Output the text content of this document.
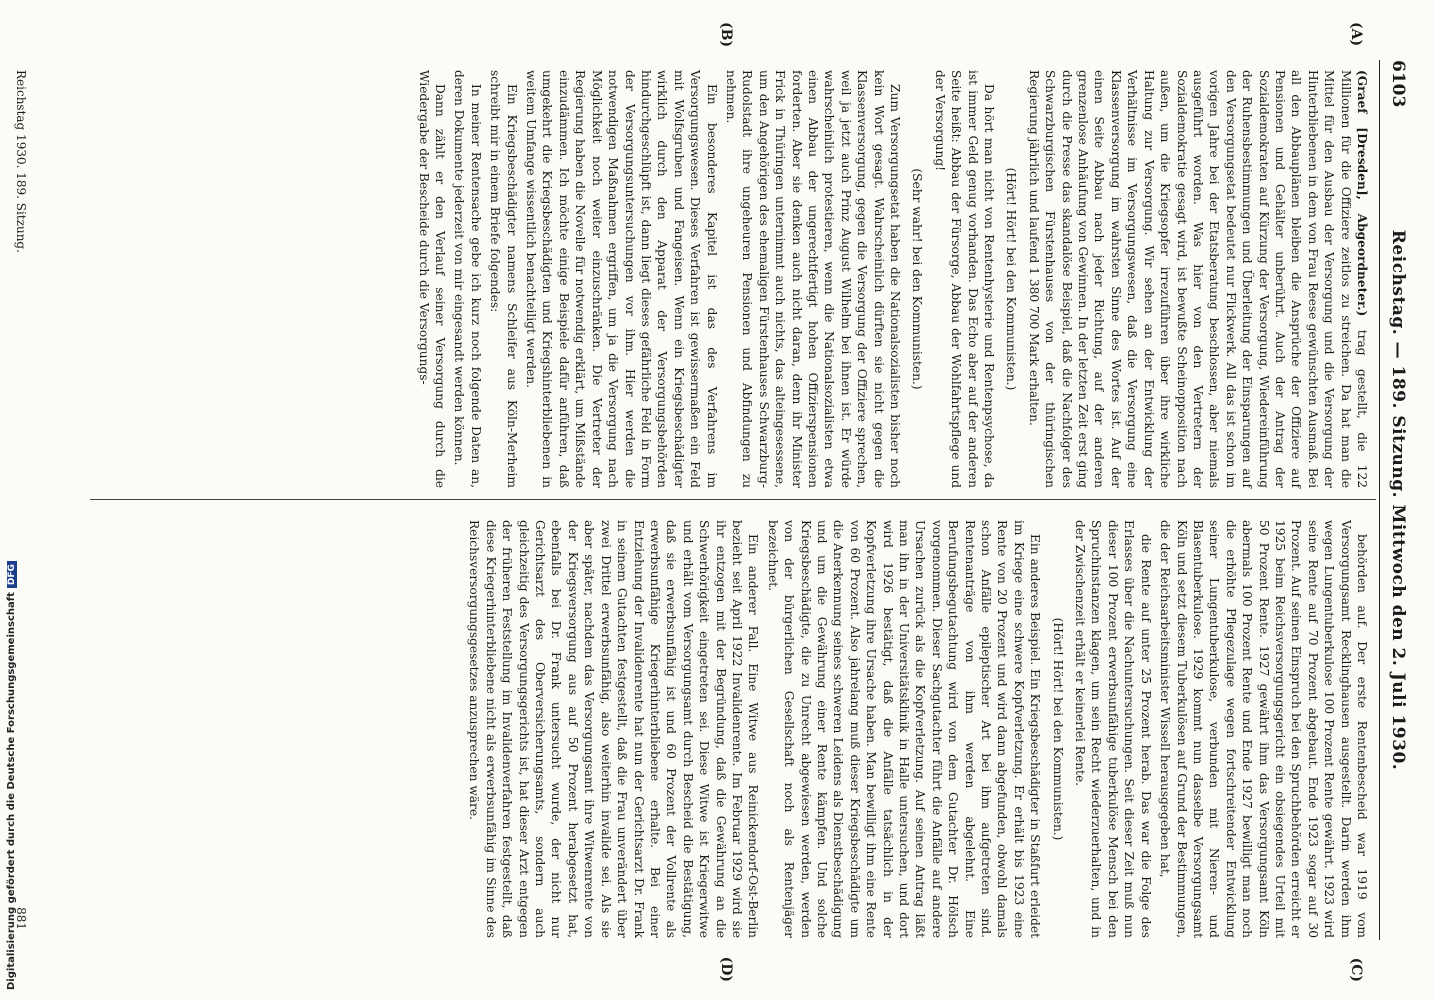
6103
Reichstag. — 189. Sitzung. Mittwoch den 2. Juli 1930.
(A)
(B)
(C)
(D)

(Graef [Dresden], Abgeordneter.) trag gestellt, die 122 Millionen für die Offiziere zeitlos zu streichen. Da hat man die Mittel für den Ausbau der Versorgung und die Versorgung der Hinterbliebenen in dem von Frau Reese gewünschten Ausmaß. Bei all den Abbauplänen bleiben die Ansprüche der Offiziere auf Pensionen und Gehälter unberührt. Auch der Antrag der Sozialdemokraten auf Kürzung der Versorgung, Wiedereinführung der Ruhensbestimmungen und Überleitung der Einsparungen auf den Versorgungsetat bedeutet nur Flickwerk. All das ist schon im vorigen Jahre bei der Etatsberatung beschlossen, aber niemals ausgeführt worden. Was hier von den Vertretern der Sozialdemokratie gesagt wird, ist bewußte Scheinopposition nach außen, um die Kriegsopfer irrezuführen über ihre wirkliche Haltung zur Versorgung. Wir sehen an der Entwicklung der Verhältnisse im Versorgungswesen, daß die Versorgung eine Klassenversorgung im wahrsten Sinne des Wortes ist. Auf der einen Seite Abbau nach jeder Richtung, auf der anderen grenzenlose Anhäufung von Gewinnen. In der letzten Zeit erst ging durch die Presse das skandalöse Beispiel, daß die Nachfolger des Schwarzburgischen Fürstenhauses von der thüringischen Regierung jährlich und laufend 1 380 700 Mark erhalten.

(Hört! Hört! bei den Kommunisten.)

Da hört man nicht von Rentenhysterie und Rentenpsychose, da ist immer Geld genug vorhanden. Das Echo aber auf der anderen Seite heißt: Abbau der Fürsorge, Abbau der Wohlfahrtspflege und der Versorgung!

(Sehr wahr! bei den Kommunisten.)

Zum Versorgungsetat haben die Nationalsozialisten bisher noch kein Wort gesagt. Wahrscheinlich dürften sie nicht gegen die Klassenversorgung, gegen die Versorgung der Offiziere sprechen, weil ja jetzt auch Prinz August Wilhelm bei ihnen ist. Er würde wahrscheinlich protestieren, wenn die Nationalsozialisten etwa einen Abbau der ungerechtfertigt hohen Offizierspensionen forderten. Aber sie denken auch nicht daran, denn ihr Minister Frick in Thüringen unternimmt auch nichts, das alteingesessene, um den Angehörigen des ehemaligen Fürstenhauses Schwarzburg-Rudolstadt ihre ungeheuren Pensionen und Abfindungen zu nehmen.

Ein besonderes Kapitel ist das des Verfahrens im Versorgungswesen. Dieses Verfahren ist gewissermaßen ein Feld mit Wolfsgruben und Fangeisen. Wenn ein Kriegsbeschädigter wirklich durch den Apparat der Versorgungsbehörden hindurchgeschlüpft ist, dann liegt dieses gefährliche Feld in Form der Versorgungsuntersuchungen vor ihm. Hier werden die notwendigen Maßnahmen ergriffen, um ja die Versorgung nach Möglichkeit noch weiter einzuschränken. Die Vertreter der Regierung haben die Novelle für notwendig erklärt, um Mißstände einzudämmen. Ich möchte einige Beispiele dafür anführen, daß umgekehrt die Kriegsbeschädigten und Kriegshinterbliebenen in weitem Umfange wissentlich benachteiligt werden.

Ein Kriegsbeschädigter namens Schleifer aus Köln-Merheim schreibt mir in einem Briefe folgendes:

In meiner Rentensache gebe ich kurz noch folgende Daten an, deren Dokumente jederzeit von mir eingesandt werden können.

Dann zählt er den Verlauf seiner Versorgung durch die Wiedergabe der Bescheide durch die Versorgungs-

behörden auf. Der erste Rentenbescheid war 1919 vom Versorgungsamt Recklinghausen ausgestellt. Darin werden ihm wegen Lungentuberkulose 100 Prozent Rente gewährt. 1923 wird seine Rente auf 70 Prozent abgebaut. Ende 1923 sogar auf 30 Prozent. Auf seinen Einspruch bei den Spruchbehörden erreicht er 1925 beim Reichsversorgungsgericht ein obsiegendes Urteil mit 50 Prozent Rente. 1927 gewährt ihm das Versorgungsamt Köln abermals 100 Prozent Rente und Ende 1927 bewilligt man noch die erhöhte Pflegezulage wegen fortschreitender Entwicklung seiner Lungentuberkulose, verbunden mit Nieren- und Blasentuberkulose. 1929 kommt nun dasselbe Versorgungsamt Köln und setzt diesem Tuberkulösen auf Grund der Bestimmungen, die der Reichsarbeitsminister Wissell herausgegeben hat,

die Rente auf unter 25 Prozent herab. Das war die Folge des Erlasses über die Nachuntersuchungen. Seit dieser Zeit muß nun dieser 100 Prozent erwerbsunfähige tuberkulöse Mensch bei den Spruchinstanzen klagen, um sein Recht wiederzuerhalten, und in der Zwischenzeit erhält er keinerlei Rente.

(Hört! Hört! bei den Kommunisten.)

Ein anderes Beispiel. Ein Kriegsbeschädigter in Staßfurt erleidet im Kriege eine schwere Kopfverletzung. Er erhält bis 1923 eine Rente von 20 Prozent und wird dann abgefunden, obwohl damals schon Anfälle epileptischer Art bei ihm aufgetreten sind. Rentenanträge von ihm werden abgelehnt. Eine Berufungsbegutachtung wird von dem Gutachter Dr. Hölsch vorgenommen. Dieser Sachgutachter führt die Anfälle auf andere Ursachen zurück als die Kopfverletzung. Auf seinen Antrag läßt man ihn in der Universitätsklinik in Halle untersuchen, und dort wird 1926 bestätigt, daß die Anfälle tatsächlich in der Kopfverletzung ihre Ursache haben. Man bewilligt ihm eine Rente von 60 Prozent. Also jahrelang muß dieser Kriegsbeschädigte um die Anerkennung seines schweren Leidens als Dienstbeschädigung und um die Gewährung einer Rente kämpfen. Und solche Kriegsbeschädigte, die zu Unrecht abgewiesen werden, werden von der bürgerlichen Gesellschaft noch als Rentenjäger bezeichnet.

Ein anderer Fall. Eine Witwe aus Reinickendorf-Ost-Berlin bezieht seit April 1922 Invalidenrente. Im Februar 1929 wird sie ihr entzogen mit der Begründung, daß die Gewährung an die Schwerhörigkeit eingetreten sei. Diese Witwe ist Kriegerwitwe und erhält vom Versorgungsamt durch Bescheid die Bestätigung, daß sie erwerbsunfähig ist und 60 Prozent der Vollrente als erwerbsunfähige Kriegerhinterbliebene erhalte. Bei einer Entziehung der Invalidenrente hat nun der Gerichtsarzt Dr. Frank in seinem Gutachten festgestellt, daß die Frau unverändert über zwei Drittel erwerbsunfähig, also weiterhin invalide sei. Als sie aber später, nachdem das Versorgungsamt ihre Witwenrente von der Kriegsversorgung aus auf 50 Prozent herabgesetzt hat, ebenfalls bei Dr. Frank untersucht wurde, der nicht nur Gerichtsarzt des Oberversicherungsamts, sondern auch gleichzeitig des Versorgungsgerichts ist, hat dieser Arzt entgegen der früheren Feststellung im Invalidenverfahren festgestellt, daß diese Kriegerhinterbliebene nicht als erwerbsunfähig im Sinne des Reichsversorgungsgesetzes anzusprechen wäre.

Reichstag 1930. 189. Sitzung.
881
Digitalisierung gefördert durch die Deutsche ForschungsgemeinschaftDFG
